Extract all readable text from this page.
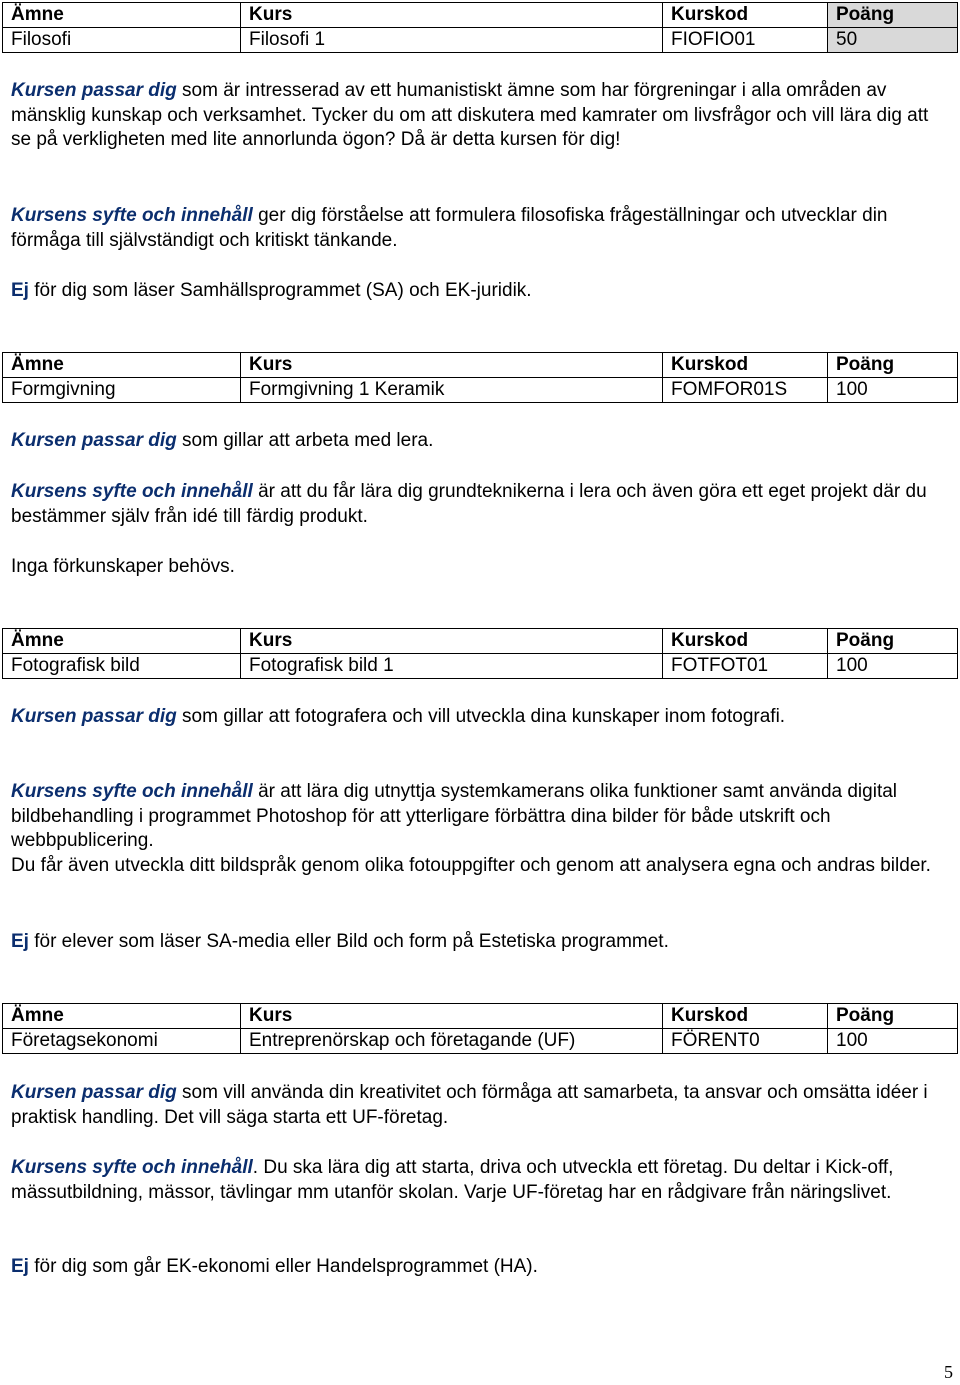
Ämne	Kurs	Kurskod	Poäng
Filosofi	Filosofi 1	FIOFIO01	50

Kursen passar dig som är intresserad av ett humanistiskt ämne som har förgreningar i alla områden av mänsklig kunskap och verksamhet. Tycker du om att diskutera med kamrater om livsfrågor och vill lära dig att se på verkligheten med lite annorlunda ögon? Då är detta kursen för dig!

Kursens syfte och innehåll ger dig förståelse att formulera filosofiska frågeställningar och utvecklar din förmåga till självständigt och kritiskt tänkande.

Ej för dig som läser Samhällsprogrammet (SA) och EK-juridik.

Ämne	Kurs	Kurskod	Poäng
Formgivning	Formgivning 1 Keramik	FOMFOR01S	100

Kursen passar dig som gillar att arbeta med lera.

Kursens syfte och innehåll är att du får lära dig grundteknikerna i lera och även göra ett eget projekt där du bestämmer själv från idé till färdig produkt.

Inga förkunskaper behövs.

Ämne	Kurs	Kurskod	Poäng
Fotografisk bild	Fotografisk bild 1	FOTFOT01	100

Kursen passar dig som gillar att fotografera och vill utveckla dina kunskaper inom fotografi.

Kursens syfte och innehåll är att lära dig utnyttja systemkamerans olika funktioner samt använda digital bildbehandling i programmet Photoshop för att ytterligare förbättra dina bilder för både utskrift och webbpublicering.

Du får även utveckla ditt bildspråk genom olika fotouppgifter och genom att analysera egna och andras bilder.

Ej för elever som läser SA-media eller Bild och form på Estetiska programmet.

Ämne	Kurs	Kurskod	Poäng
Företagsekonomi	Entreprenörskap och företagande (UF)	FÖRENT0	100

Kursen passar dig som vill använda din kreativitet och förmåga att samarbeta, ta ansvar och omsätta idéer i praktisk handling. Det vill säga starta ett UF-företag.

Kursens syfte och innehåll. Du ska lära dig att starta, driva och utveckla ett företag. Du deltar i Kick-off, mässutbildning, mässor, tävlingar mm utanför skolan. Varje UF-företag har en rådgivare från näringslivet.

Ej för dig som går EK-ekonomi eller Handelsprogrammet (HA).

5
